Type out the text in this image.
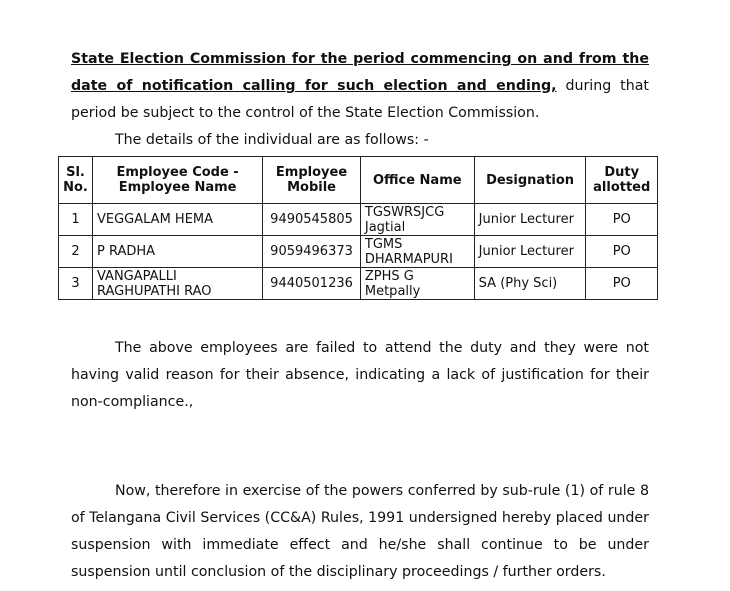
State Election Commission for the period commencing on and from the date of notification calling for such election and ending, during that period be subject to the control of the State Election Commission.

The details of the individual are as follows: -

Sl. No.	Employee Code - Employee Name	Employee Mobile	Office Name	Designation	Duty allotted
1	VEGGALAM HEMA	9490545805	TGSWRSJCG Jagtial	Junior Lecturer	PO
2	P RADHA	9059496373	TGMS DHARMAPURI	Junior Lecturer	PO
3	VANGAPALLI RAGHUPATHI RAO	9440501236	ZPHS G Metpally	SA (Phy Sci)	PO

The above employees are failed to attend the duty and they were not having valid reason for their absence, indicating a lack of justification for their non-compliance.,

Now, therefore in exercise of the powers conferred by sub-rule (1) of rule 8 of Telangana Civil Services (CC&A) Rules, 1991 undersigned hereby placed under suspension with immediate effect and he/she shall continue to be under suspension until conclusion of the disciplinary proceedings / further orders.
